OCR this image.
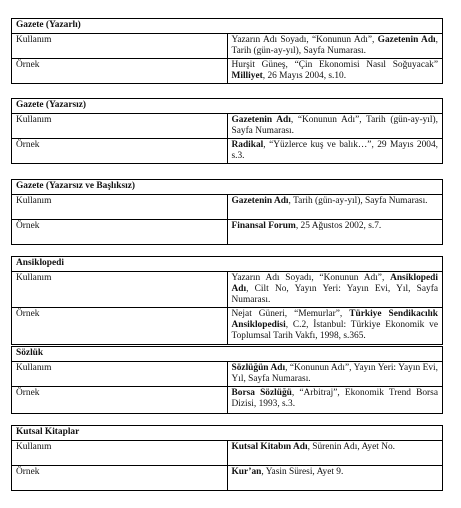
Gazete (Yazarlı)	
Kullanım	Yazarın Adı Soyadı, “Konunun Adı”, Gazetenin Adı, Tarih (gün-ay-yıl), Sayfa Numarası.
Örnek	Hurşit Güneş, “Çin Ekonomisi Nasıl Soğuyacak” Milliyet, 26 Mayıs 2004, s.10.
Gazete (Yazarsız)	
Kullanım	Gazetenin Adı, “Konunun Adı”, Tarih (gün-ay-yıl), Sayfa Numarası.
Örnek	Radikal, “Yüzlerce kuş ve balık…”, 29 Mayıs 2004, s.3.
Gazete (Yazarsız ve Başlıksız)	
Kullanım	Gazetenin Adı, Tarih (gün-ay-yıl), Sayfa Numarası.
Örnek	Finansal Forum, 25 Ağustos 2002, s.7.
Ansiklopedi	
Kullanım	Yazarın Adı Soyadı, “Konunun Adı”, Ansiklopedi Adı, Cilt No, Yayın Yeri: Yayın Evi, Yıl, Sayfa Numarası.
Örnek	Nejat Güneri, “Memurlar”, Türkiye Sendikacılık Ansiklopedisi, C.2, İstanbul: Türkiye Ekonomik ve Toplumsal Tarih Vakfı, 1998, s.365.
Sözlük	
Kullanım	Sözlüğün Adı, “Konunun Adı”, Yayın Yeri: Yayın Evi, Yıl, Sayfa Numarası.
Örnek	Borsa Sözlüğü, “Arbitraj”, Ekonomik Trend Borsa Dizisi, 1993, s.3.
Kutsal Kitaplar	
Kullanım	Kutsal Kitabın Adı, Sürenin Adı, Ayet No.
Örnek	Kur’an, Yasin Süresi, Ayet 9.
